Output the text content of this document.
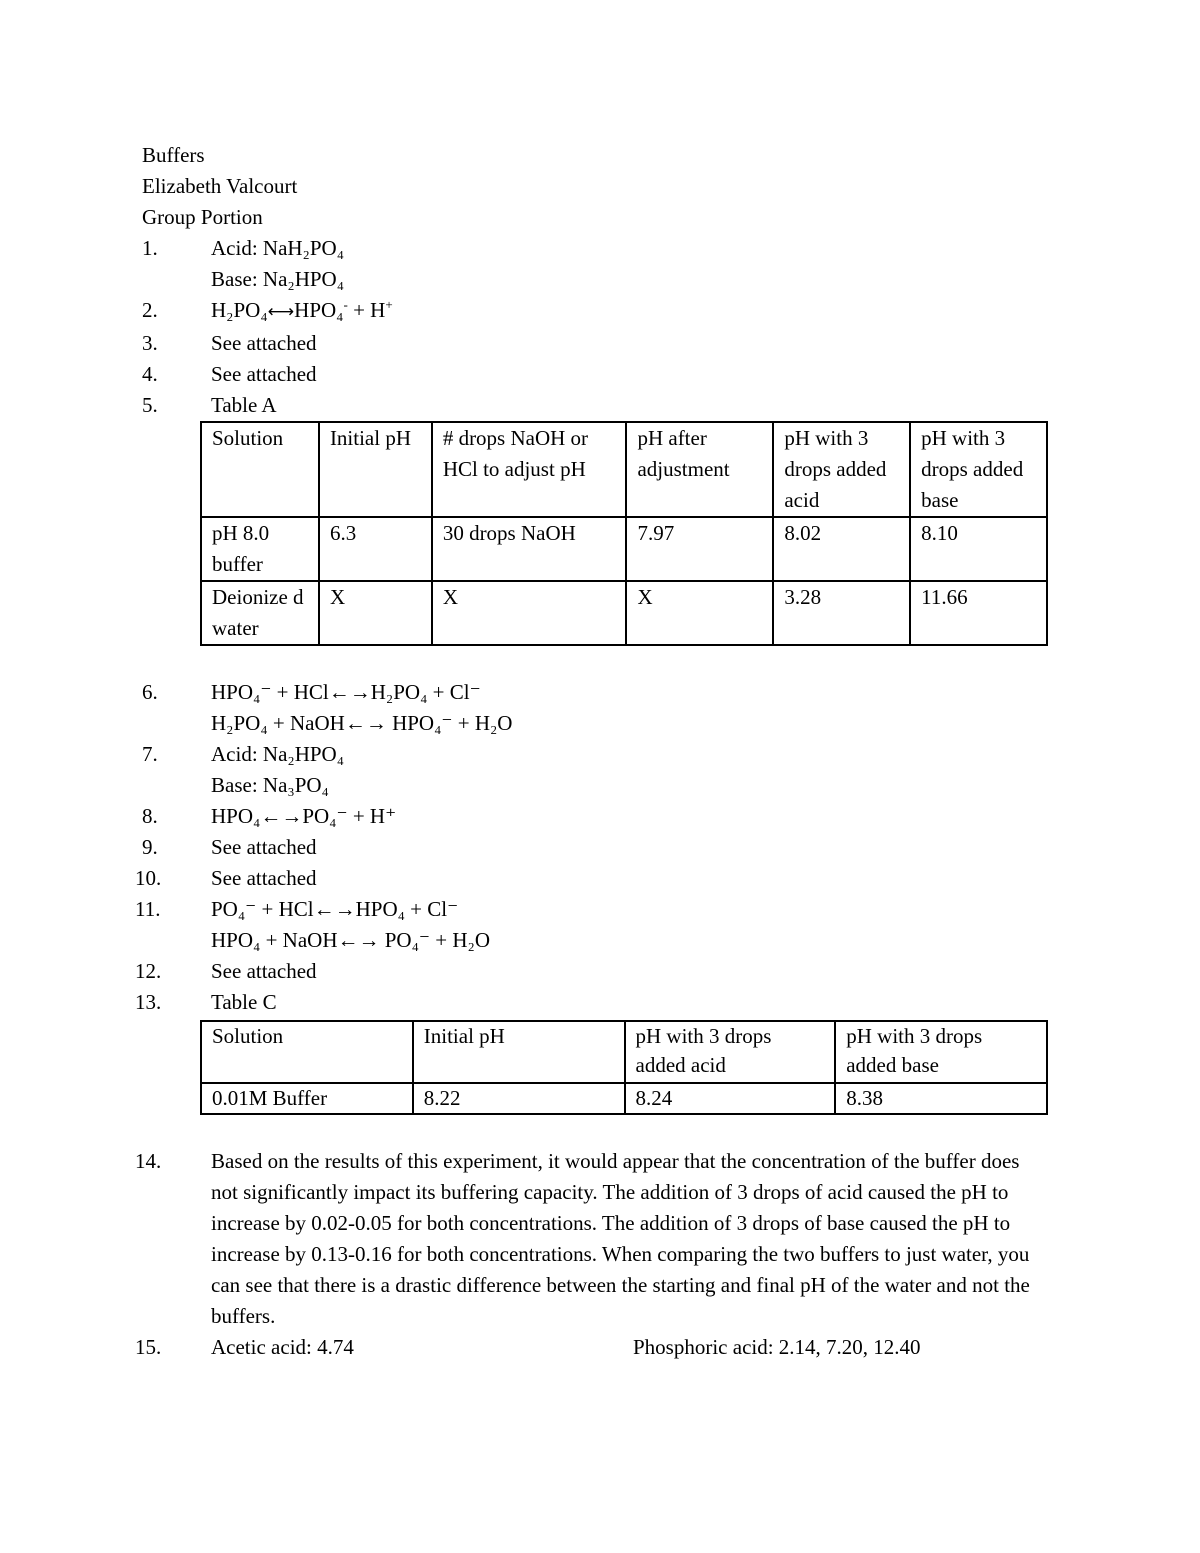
Buffers
Elizabeth Valcourt
Group Portion
1.	Acid: NaH₂PO₄
Base: Na₂HPO₄
2.	H₂PO₄←→HPO₄- + H+
3.	See attached
4.	See attached
5.	Table A
Solution	Initial pH	# drops NaOH or HCl to adjust pH	pH after adjustment	pH with 3 drops added acid	pH with 3 drops added base
pH 8.0 buffer	6.3	30 drops NaOH	7.97	8.02	8.10
Deionize d water	X	X	X	3.28	11.66
6.	HPO₄⁻ + HCl←→H₂PO₄ + Cl⁻
H₂PO₄ + NaOH←→ HPO₄⁻ + H₂O
7.	Acid: Na₂HPO₄
Base: Na₃PO₄
8.	HPO₄←→PO₄⁻ + H⁺
9.	See attached
10.	See attached
11.	PO₄⁻ + HCl←→HPO₄ + Cl⁻
HPO₄ + NaOH←→ PO₄⁻ + H₂O
12.	See attached
13.	Table C
Solution	Initial pH	pH with 3 drops added acid	pH with 3 drops added base
0.01M Buffer	8.22	8.24	8.38
14.	Based on the results of this experiment, it would appear that the concentration of the buffer does not significantly impact its buffering capacity. The addition of 3 drops of acid caused the pH to increase by 0.02-0.05 for both concentrations. The addition of 3 drops of base caused the pH to increase by 0.13-0.16 for both concentrations. When comparing the two buffers to just water, you can see that there is a drastic difference between the starting and final pH of the water and not the buffers.
15.	Acetic acid: 4.74	Phosphoric acid: 2.14, 7.20, 12.40
